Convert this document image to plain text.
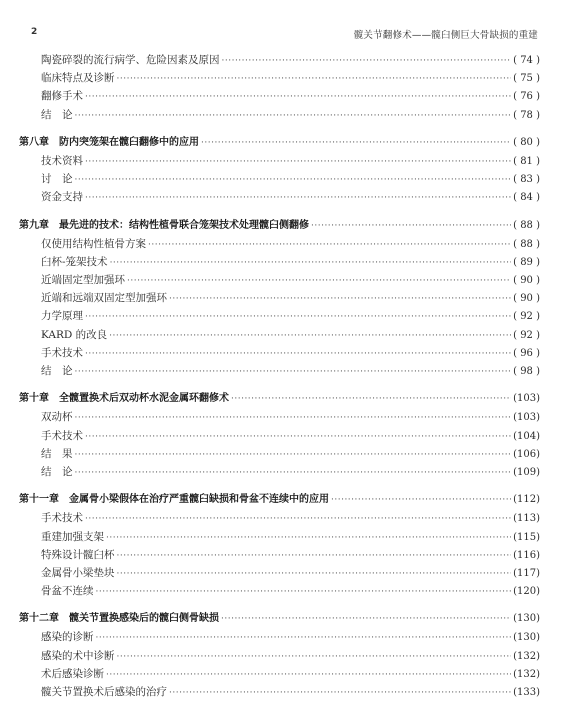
2	髋关节翻修术——髋臼侧巨大骨缺损的重建
陶瓷碎裂的流行病学、危险因素及原因 ·····	( 74 )
临床特点及诊断 ·····	( 75 )
翻修手术 ·····	( 76 )
结　论 ·····	( 78 )
第八章　防内突笼架在髋臼翻修中的应用 ·····	( 80 )
技术资料 ·····	( 81 )
讨　论 ·····	( 83 )
资金支持 ·····	( 84 )
第九章　最先进的技术：结构性植骨联合笼架技术处理髋臼侧翻修 ·····	( 88 )
仅使用结构性植骨方案 ·····	( 88 )
臼杯-笼架技术 ·····	( 89 )
近端固定型加强环 ·····	( 90 )
近端和远端双固定型加强环 ·····	( 90 )
力学原理 ·····	( 92 )
KARD 的改良 ·····	( 92 )
手术技术 ·····	( 96 )
结　论 ·····	( 98 )
第十章　全髋置换术后双动杯水泥金属环翻修术 ·····	(103)
双动杯 ·····	(103)
手术技术 ·····	(104)
结　果 ·····	(106)
结　论 ·····	(109)
第十一章　金属骨小梁假体在治疗严重髋臼缺损和骨盆不连续中的应用 ·····	(112)
手术技术 ·····	(113)
重建加强支架 ·····	(115)
特殊设计髋臼杯 ·····	(116)
金属骨小梁垫块 ·····	(117)
骨盆不连续 ·····	(120)
第十二章　髋关节置换感染后的髋臼侧骨缺损 ·····	(130)
感染的诊断 ·····	(130)
感染的术中诊断 ·····	(132)
术后感染诊断 ·····	(132)
髋关节置换术后感染的治疗 ·····	(133)
